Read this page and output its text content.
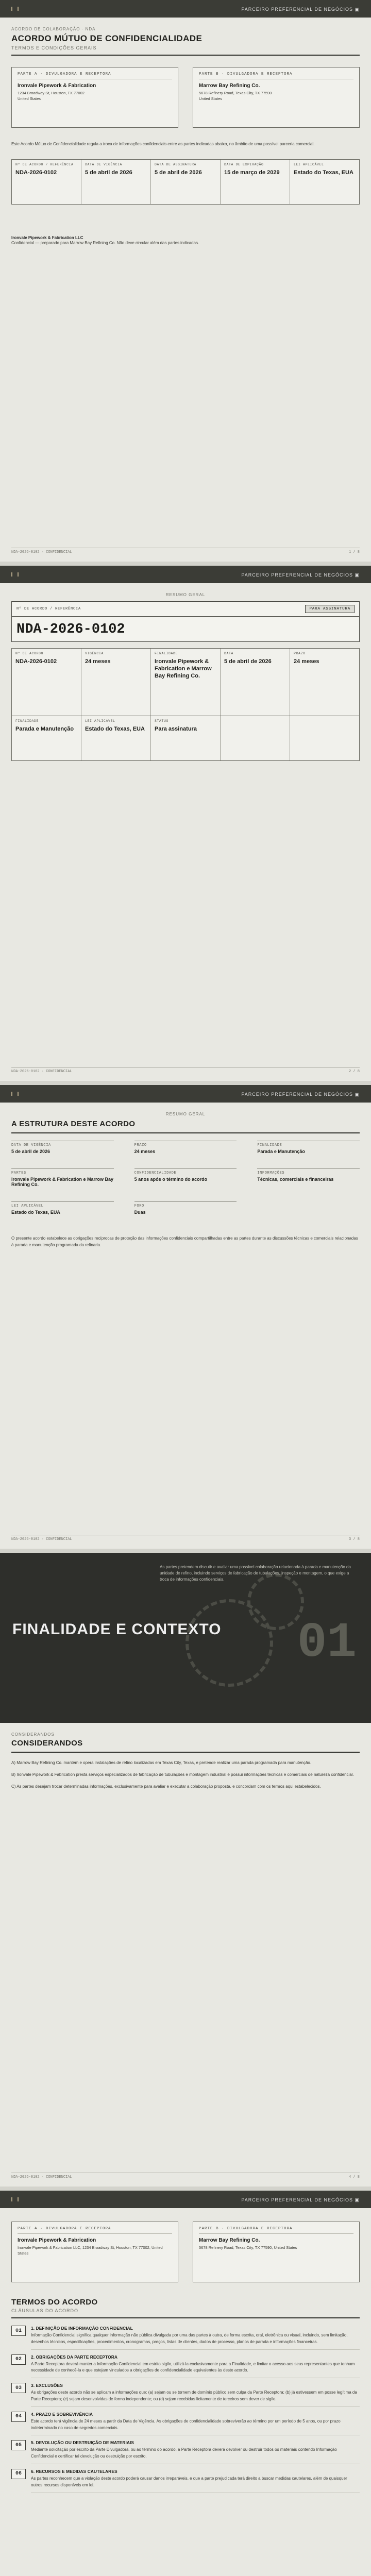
PARCEIRO PREFERENCIAL DE NEGÓCIOS ▣
ACORDO DE COLABORAÇÃO · NDA
ACORDO MÚTUO DE CONFIDENCIALIDADE
TERMOS E CONDIÇÕES GERAIS
PARTE A · DIVULGADORA E RECEPTORA
Ironvale Pipework & Fabrication
1234 Broadway St, Houston, TX 77002
United States
PARTE B · DIVULGADORA E RECEPTORA
Marrow Bay Refining Co.
5678 Refinery Road, Texas City, TX 77590
United States

Este Acordo Mútuo de Confidencialidade regula a troca de informações confidenciais entre as partes indicadas abaixo, no âmbito de uma possível parceria comercial.

Nº DE ACORDO / REFERÊNCIA
NDA-2026-0102
DATA DE VIGÊNCIA
5 de abril de 2026
DATA DE ASSINATURA
5 de abril de 2026
DATA DE EXPIRAÇÃO
15 de março de 2029
LEI APLICÁVEL
Estado do Texas, EUA
Ironvale Pipework & Fabrication LLC
Confidencial — preparado para Marrow Bay Refining Co. Não deve circular além das partes indicadas.
NDA-2026-0102 · CONFIDENCIAL	1 / 8
PARCEIRO PREFERENCIAL DE NEGÓCIOS ▣
RESUMO GERAL
Nº DE ACORDO / REFERÊNCIA	PARA ASSINATURA
NDA-2026-0102
Nº DE ACORDO
NDA-2026-0102
VIGÊNCIA
24 meses
FINALIDADE
Ironvale Pipework & Fabrication e Marrow Bay Refining Co.
DATA
5 de abril de 2026
PRAZO
24 meses
FINALIDADE
Parada e Manutenção
LEI APLICÁVEL
Estado do Texas, EUA
STATUS
Para assinatura
NDA-2026-0102 · CONFIDENCIAL	2 / 8
PARCEIRO PREFERENCIAL DE NEGÓCIOS ▣
RESUMO GERAL
A ESTRUTURA DESTE ACORDO
DATA DE VIGÊNCIA
5 de abril de 2026
PRAZO
24 meses
FINALIDADE
Parada e Manutenção
PARTES
Ironvale Pipework & Fabrication e Marrow Bay Refining Co.
CONFIDENCIALIDADE
5 anos após o término do acordo
INFORMAÇÕES
Técnicas, comerciais e financeiras
LEI APLICÁVEL
Estado do Texas, EUA
FORO
Duas

O presente acordo estabelece as obrigações recíprocas de proteção das informações confidenciais compartilhadas entre as partes durante as discussões técnicas e comerciais relacionadas à parada e manutenção programada da refinaria.

NDA-2026-0102 · CONFIDENCIAL	3 / 8
As partes pretendem discutir e avaliar uma possível colaboração relacionada à parada e manutenção da unidade de refino, incluindo serviços de fabricação de tubulações, inspeção e montagem, o que exige a troca de informações confidenciais.
FINALIDADE E CONTEXTO 01
CONSIDERANDOS
CONSIDERANDOS

A) Marrow Bay Refining Co. mantém e opera instalações de refino localizadas em Texas City, Texas, e pretende realizar uma parada programada para manutenção.

B) Ironvale Pipework & Fabrication presta serviços especializados de fabricação de tubulações e montagem industrial e possui informações técnicas e comerciais de natureza confidencial.

C) As partes desejam trocar determinadas informações, exclusivamente para avaliar e executar a colaboração proposta, e concordam com os termos aqui estabelecidos.

NDA-2026-0102 · CONFIDENCIAL	4 / 8
PARCEIRO PREFERENCIAL DE NEGÓCIOS ▣
PARTE A · DIVULGADORA E RECEPTORA
Ironvale Pipework & Fabrication
Ironvale Pipework & Fabrication LLC, 1234 Broadway St, Houston, TX 77002, United States
PARTE B · DIVULGADORA E RECEPTORA
Marrow Bay Refining Co.
5678 Refinery Road, Texas City, TX 77590, United States
TERMOS DO ACORDO
CLÁUSULAS DO ACORDO
01	1. DEFINIÇÃO DE INFORMAÇÃO CONFIDENCIAL
Informação Confidencial significa qualquer informação não pública divulgada por uma das partes à outra, de forma escrita, oral, eletrônica ou visual, incluindo, sem limitação, desenhos técnicos, especificações, procedimentos, cronogramas, preços, listas de clientes, dados de processo, planos de parada e informações financeiras.
02	2. OBRIGAÇÕES DA PARTE RECEPTORA
A Parte Receptora deverá manter a Informação Confidencial em estrito sigilo, utilizá-la exclusivamente para a Finalidade, e limitar o acesso aos seus representantes que tenham necessidade de conhecê-la e que estejam vinculados a obrigações de confidencialidade equivalentes às deste acordo.
03	3. EXCLUSÕES
As obrigações deste acordo não se aplicam a informações que: (a) sejam ou se tornem de domínio público sem culpa da Parte Receptora; (b) já estivessem em posse legítima da Parte Receptora; (c) sejam desenvolvidas de forma independente; ou (d) sejam recebidas licitamente de terceiros sem dever de sigilo.
04	4. PRAZO E SOBREVIVÊNCIA
Este acordo terá vigência de 24 meses a partir da Data de Vigência. As obrigações de confidencialidade sobreviverão ao término por um período de 5 anos, ou por prazo indeterminado no caso de segredos comerciais.
05	5. DEVOLUÇÃO OU DESTRUIÇÃO DE MATERIAIS
Mediante solicitação por escrito da Parte Divulgadora, ou ao término do acordo, a Parte Receptora deverá devolver ou destruir todos os materiais contendo Informação Confidencial e certificar tal devolução ou destruição por escrito.
06	6. RECURSOS E MEDIDAS CAUTELARES
As partes reconhecem que a violação deste acordo poderá causar danos irreparáveis, e que a parte prejudicada terá direito a buscar medidas cautelares, além de quaisquer outros recursos disponíveis em lei.
